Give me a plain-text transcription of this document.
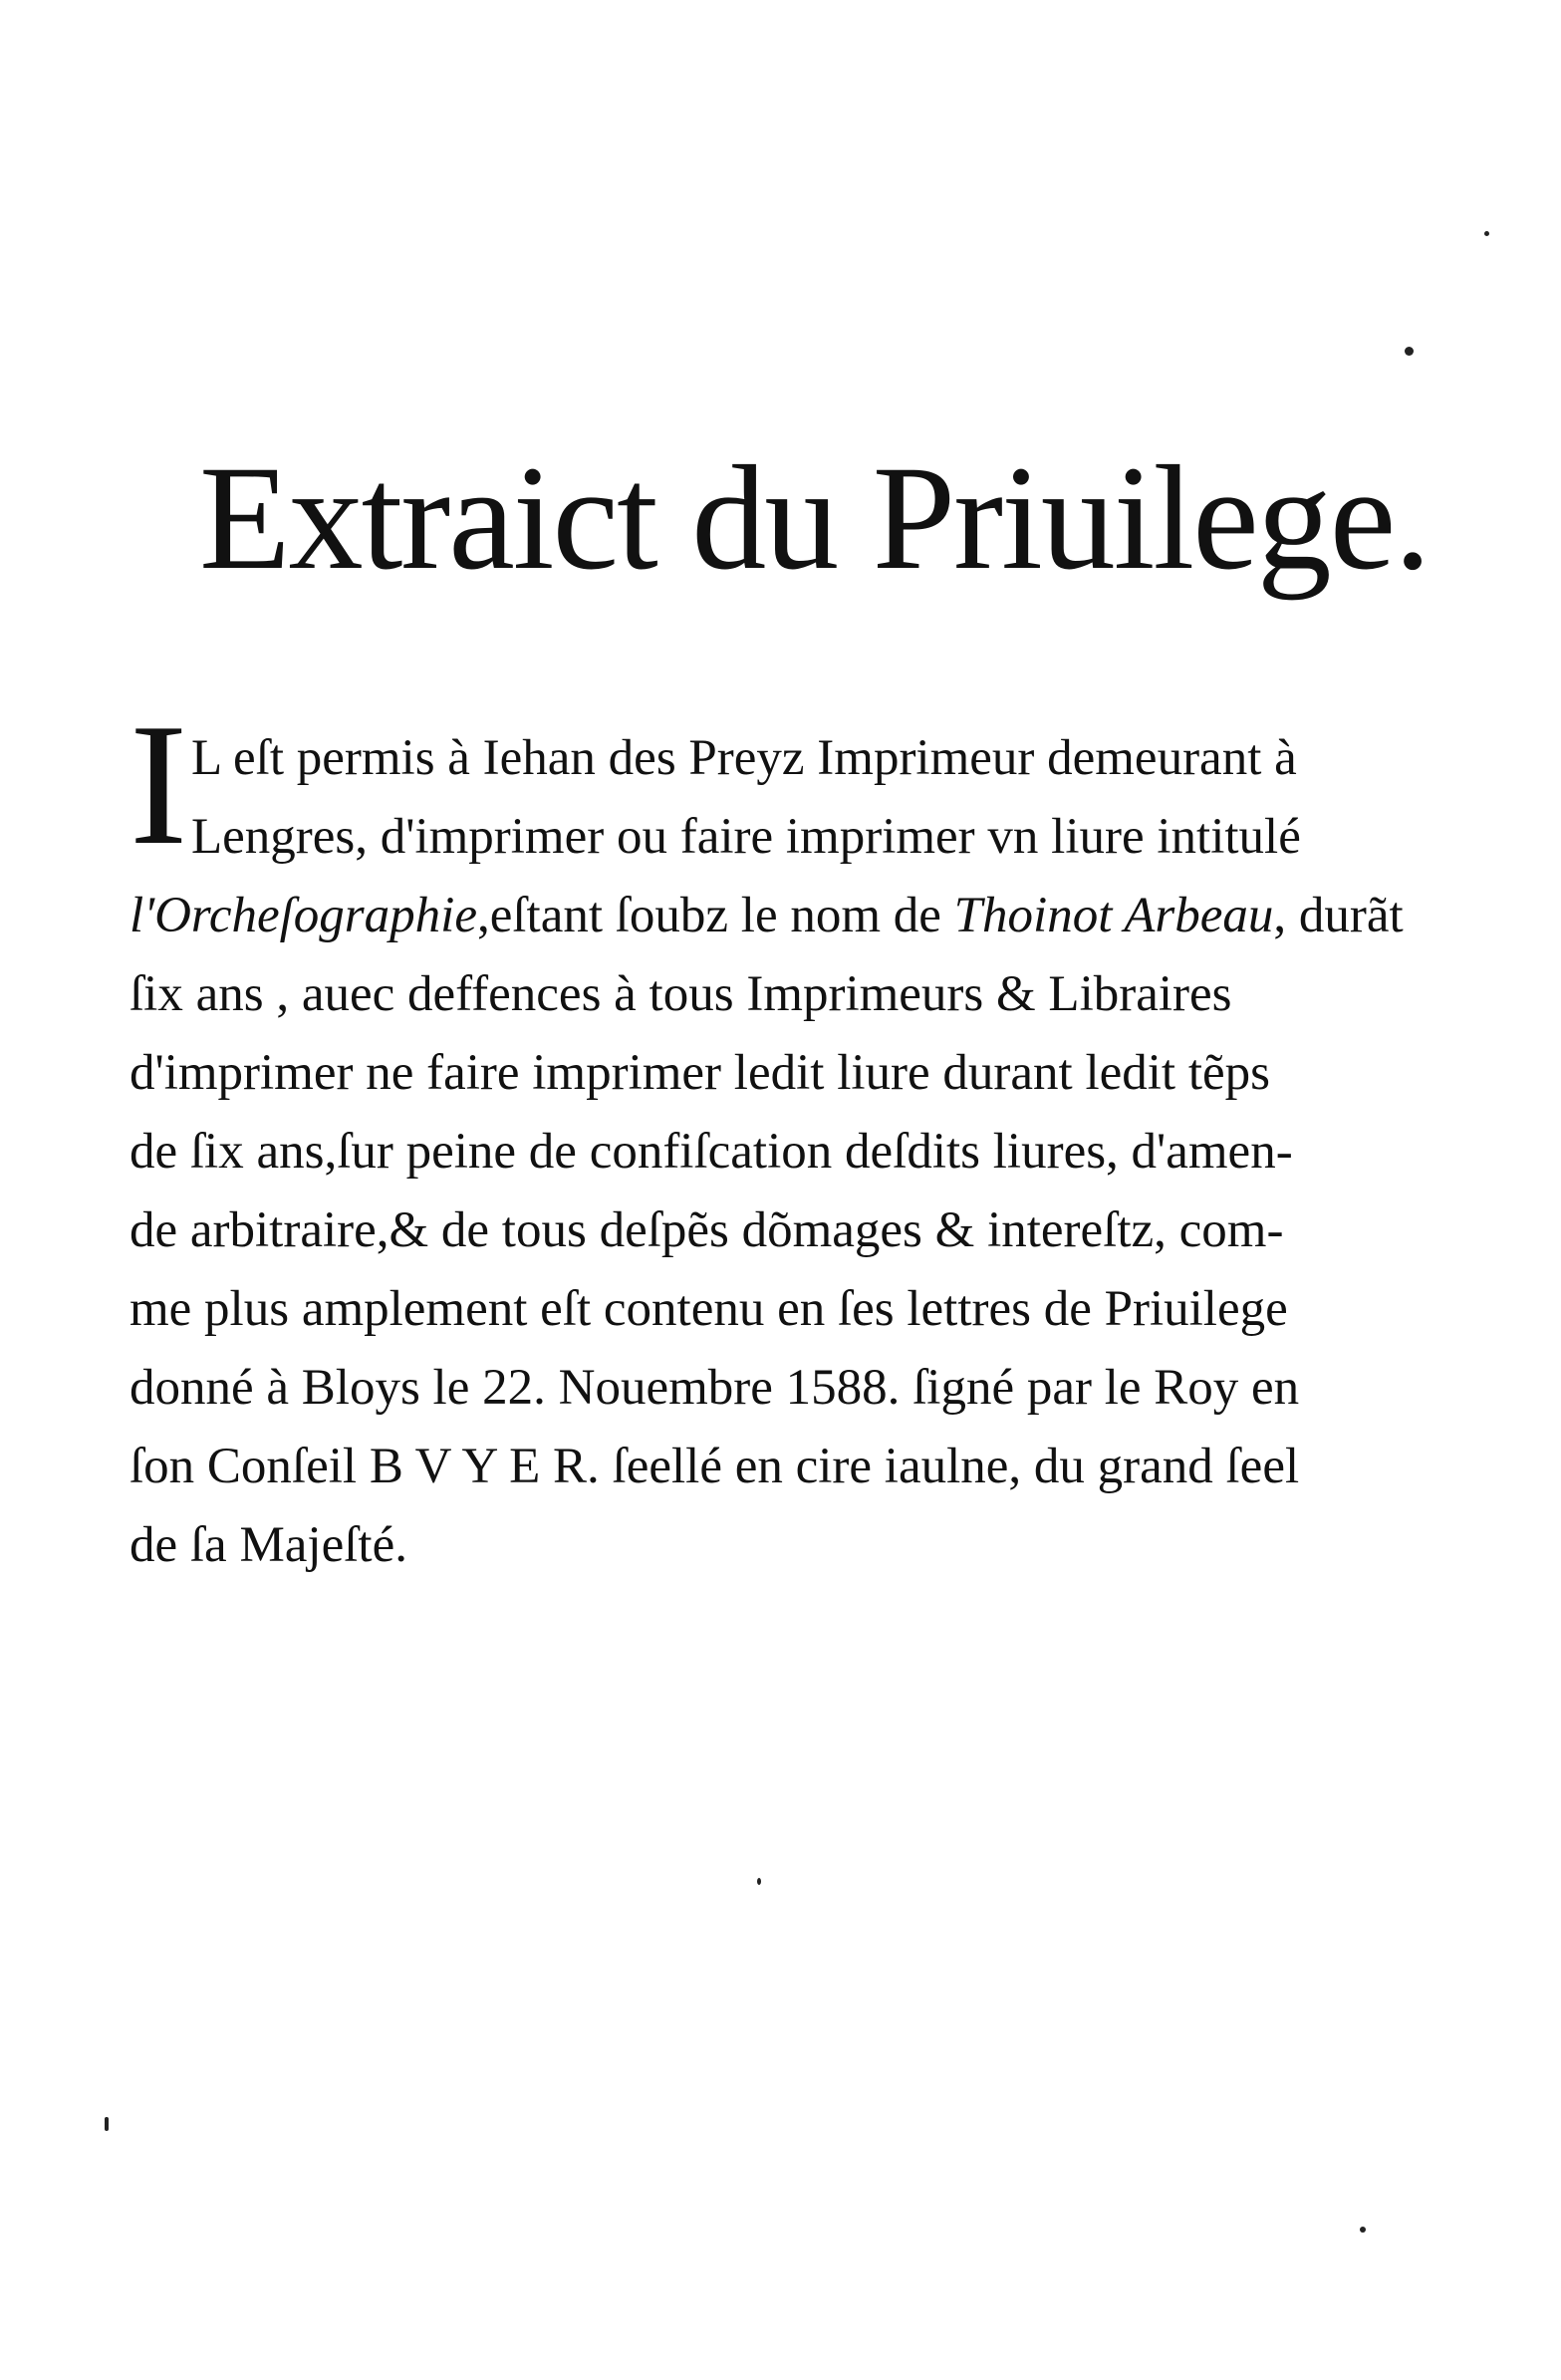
Extraict du Priuilege.
I L eſt permis à Iehan des Preyz Imprimeur demeurant à
Lengres, d'imprimer ou faire imprimer vn liure intitulé
l'Orcheſographie,eſtant ſoubz le nom de Thoinot Arbeau, durãt
ſix ans , auec deffences à tous Imprimeurs & Libraires
d'imprimer ne faire imprimer ledit liure durant ledit tẽps
de ſix ans,ſur peine de confiſcation deſdits liures, d'amen-
de arbitraire,& de tous deſpẽs dõmages & intereſtz, com-
me plus amplement eſt contenu en ſes lettres de Priuilege
donné à Bloys le 22. Nouembre 1588. ſigné par le Roy en
ſon Conſeil B V Y E R. ſeellé en cire iaulne, du grand ſeel
de ſa Majeſté.
